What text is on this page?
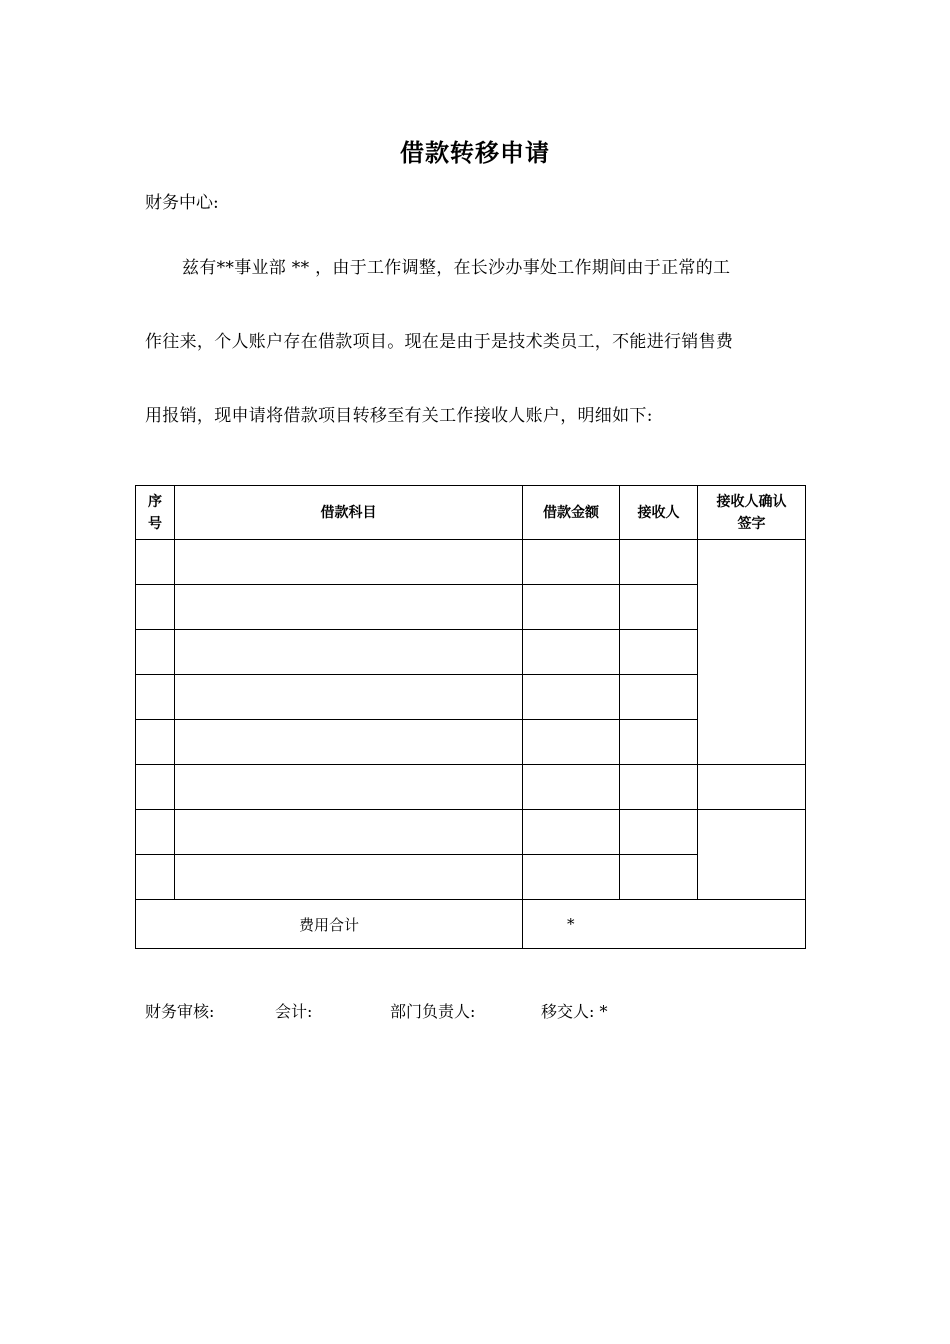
借款转移申请
财务中心:
兹有**事业部 ** ，由于工作调整，在长沙办事处工作期间由于正常的工
作往来，个人账户存在借款项目。现在是由于是技术类员工，不能进行销售费
用报销，现申请将借款项目转移至有关工作接收人账户，明细如下:
序号	借款科目	借款金额	接收人	接收人确认签字

费用合计		*		
财务审核:	会计:	部门负责人:	移交人: *
